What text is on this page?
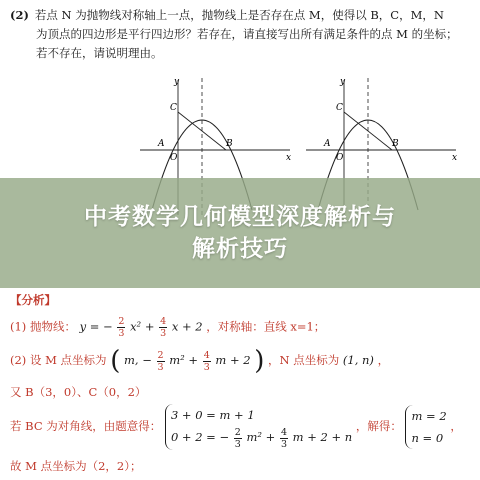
(2) 若点 N 为抛物线对称轴上一点，抛物线上是否存在点 M，使得以 B，C，M，N

为顶点的四边形是平行四边形？若存在，请直接写出所有满足条件的点 M 的坐标；

若不存在，请说明理由。

y
x
A
O
C
B
y
x
A
O
C
B
中考数学几何模型深度解析与
解析技巧
【分析】
(1) 抛物线： y = − $\frac{2}{3} x^2 + \frac{4}{3}$ x + 2 ，对称轴：直线 x=1；
(2) 设 M 点坐标为 ( m, − $\frac{2}{3} m^2 + \frac{4}{3}$ m + 2 ) ，N 点坐标为 (1, n) ，
又 B（3，0）、C（0，2）
若 BC 为对角线，由题意得： 3 + 0 = m + 1
0 + 2 = − $\frac{2}{3} m^2 + \frac{4}{3}$ m + 2 + n ，解得： m = 2
n = 0 ，
故 M 点坐标为（2，2）；
